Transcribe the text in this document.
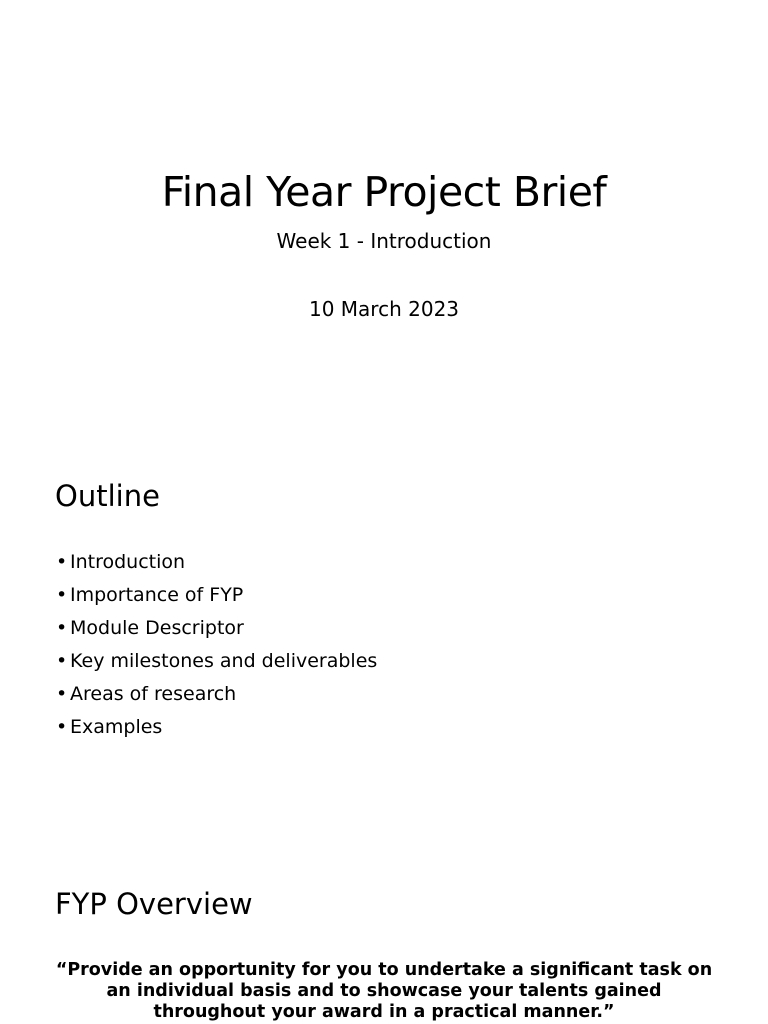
Final Year Project Brief

Week 1 - Introduction

10 March 2023

Outline
• Introduction
• Importance of FYP
• Module Descriptor
• Key milestones and deliverables
• Areas of research
• Examples
FYP Overview

“Provide an opportunity for you to undertake a significant task on an individual basis and to showcase your talents gained throughout your award in a practical manner.”
